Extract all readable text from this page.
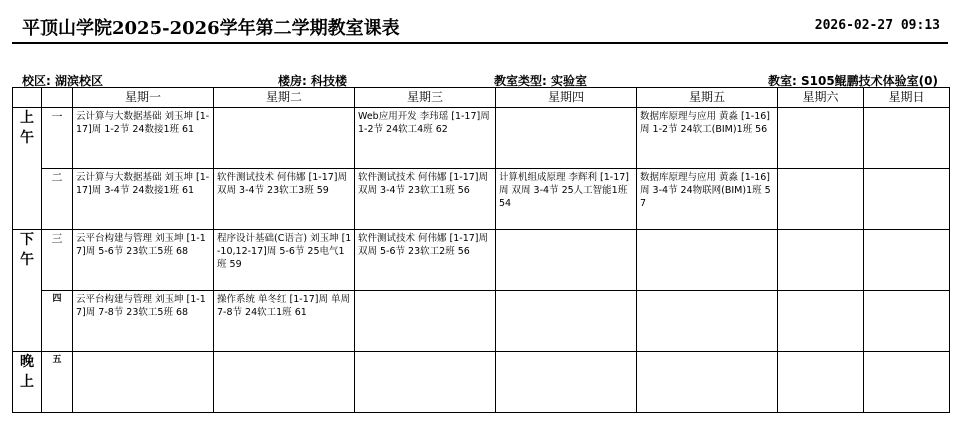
平顶山学院2025-2026学年第二学期教室课表	2026-02-27 09:13
校区: 湖滨校区	楼房: 科技楼	教室类型: 实验室	教室: S105鲲鹏技术体验室(0)
		星期一	星期二	星期三	星期四	星期五	星期六	星期日
上
午	一	云计算与大数据基础 刘玉坤 [1-17]周 1-2节 24数接1班 61		Web应用开发 李玮瑶 [1-17]周 1-2节 24软工4班 62		数据库原理与应用 黄淼 [1-16]周 1-2节 24软工(BIM)1班 56		

	二	云计算与大数据基础 刘玉坤 [1-17]周 3-4节 24数接1班 61	软件测试技术 何伟娜 [1-17]周 双周 3-4节 23软工3班 59	软件测试技术 何伟娜 [1-17]周 双周 3-4节 23软工1班 56	计算机组成原理 李辉利 [1-17]周 双周 3-4节 25人工智能1班 54	数据库原理与应用 黄淼 [1-16]周 3-4节 24物联网(BIM)1班 57		

下
午	三	云平台构建与管理 刘玉坤 [1-17]周 5-6节 23软工5班 68	程序设计基础(C语言) 刘玉坤 [1-10,12-17]周 5-6节 25电气1班 59	软件测试技术 何伟娜 [1-17]周 双周 5-6节 23软工2班 56				

	四	云平台构建与管理 刘玉坤 [1-17]周 7-8节 23软工5班 68	操作系统 单冬红 [1-17]周 单周 7-8节 24软工1班 61					

晚
上	五	
